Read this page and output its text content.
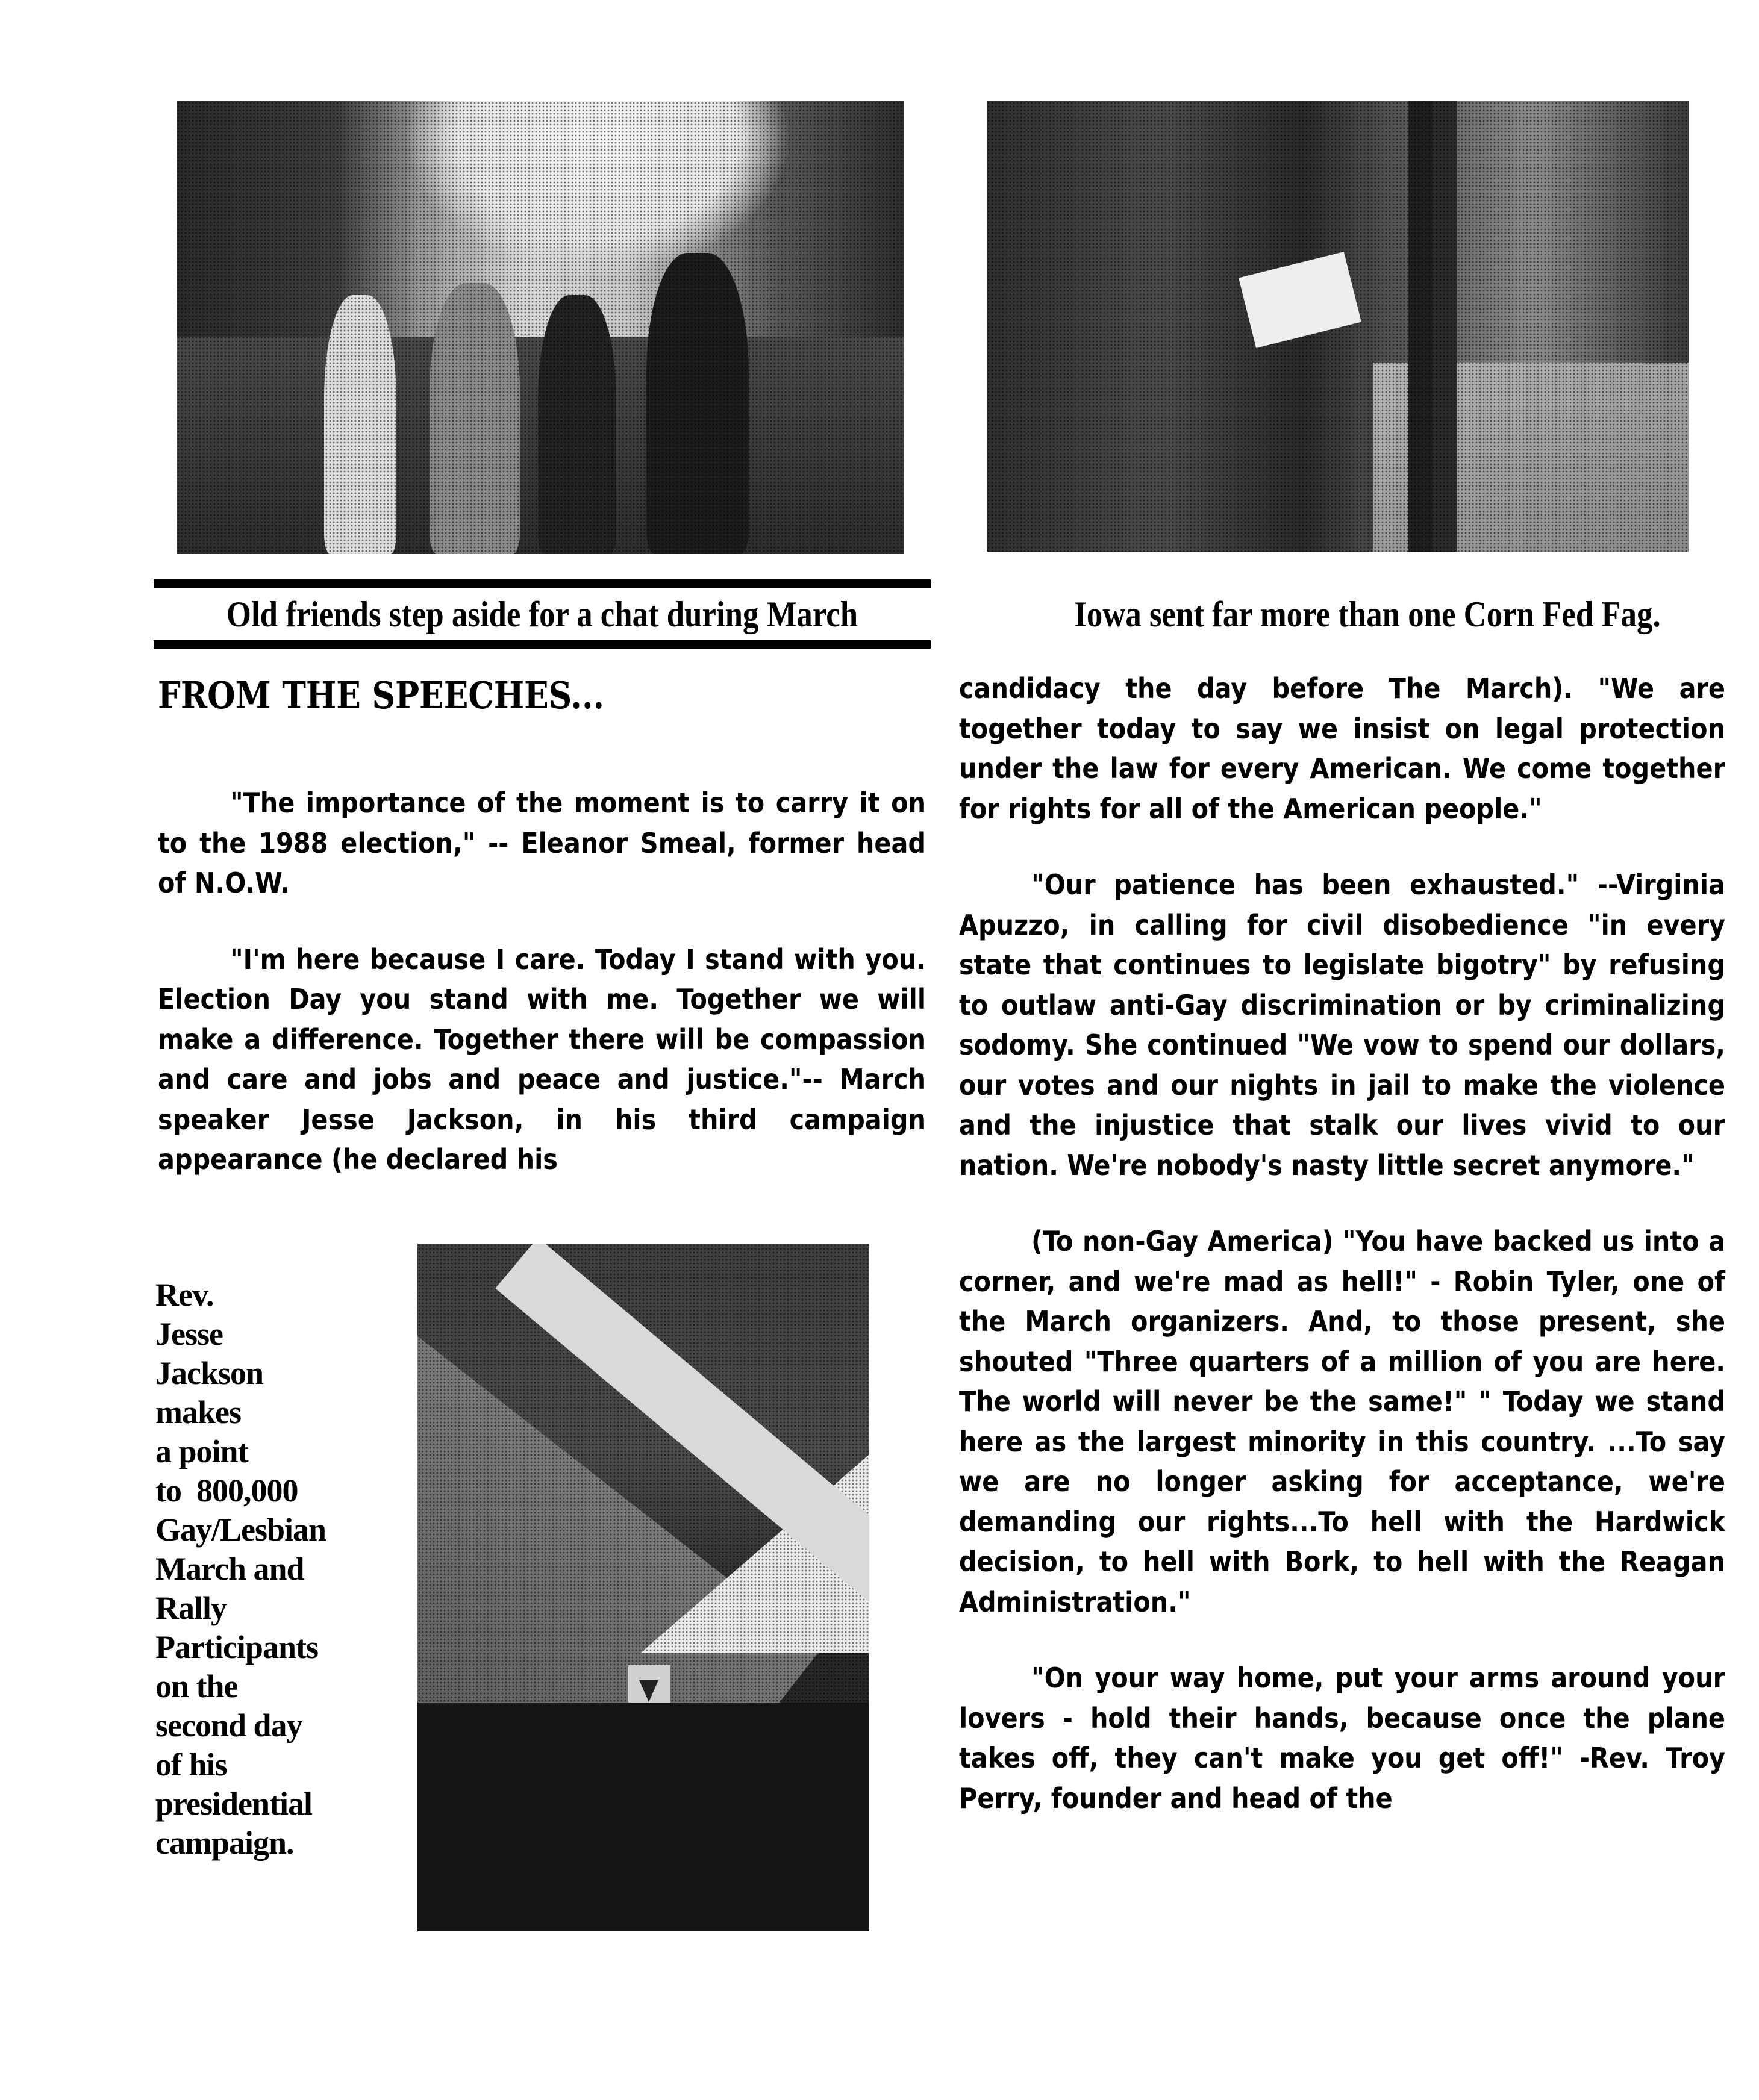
Old friends step aside for a chat during March	Iowa sent far more than one Corn Fed Fag.
FROM THE SPEECHES...

"The importance of the moment is to carry it on to the 1988 election," -- Eleanor Smeal, former head of N.O.W.

"I'm here because I care. Today I stand with you. Election Day you stand with me. Together we will make a difference. Together there will be compassion and care and jobs and peace and justice."-- March speaker Jesse Jackson, in his third campaign appearance (he declared his

candidacy the day before The March). "We are together today to say we insist on legal protection under the law for every American. We come together for rights for all of the American people."

"Our patience has been exhausted." --Virginia Apuzzo, in calling for civil disobedience "in every state that continues to legislate bigotry" by refusing to outlaw anti-Gay discrimination or by criminalizing sodomy. She continued "We vow to spend our dollars, our votes and our nights in jail to make the violence and the injustice that stalk our lives vivid to our nation. We're nobody's nasty little secret anymore."

(To non-Gay America) "You have backed us into a corner, and we're mad as hell!" - Robin Tyler, one of the March organizers. And, to those present, she shouted "Three quarters of a million of you are here. The world will never be the same!" " Today we stand here as the largest minority in this country. ...To say we are no longer asking for acceptance, we're demanding our rights...To hell with the Hardwick decision, to hell with Bork, to hell with the Reagan Administration."

"On your way home, put your arms around your lovers - hold their hands, because once the plane takes off, they can't make you get off!" -Rev. Troy Perry, founder and head of the

Rev.
Jesse
Jackson
makes
a point
to  800,000
Gay/Lesbian
March and
Rally
Participants
on the
second day
of his
presidential
campaign.
